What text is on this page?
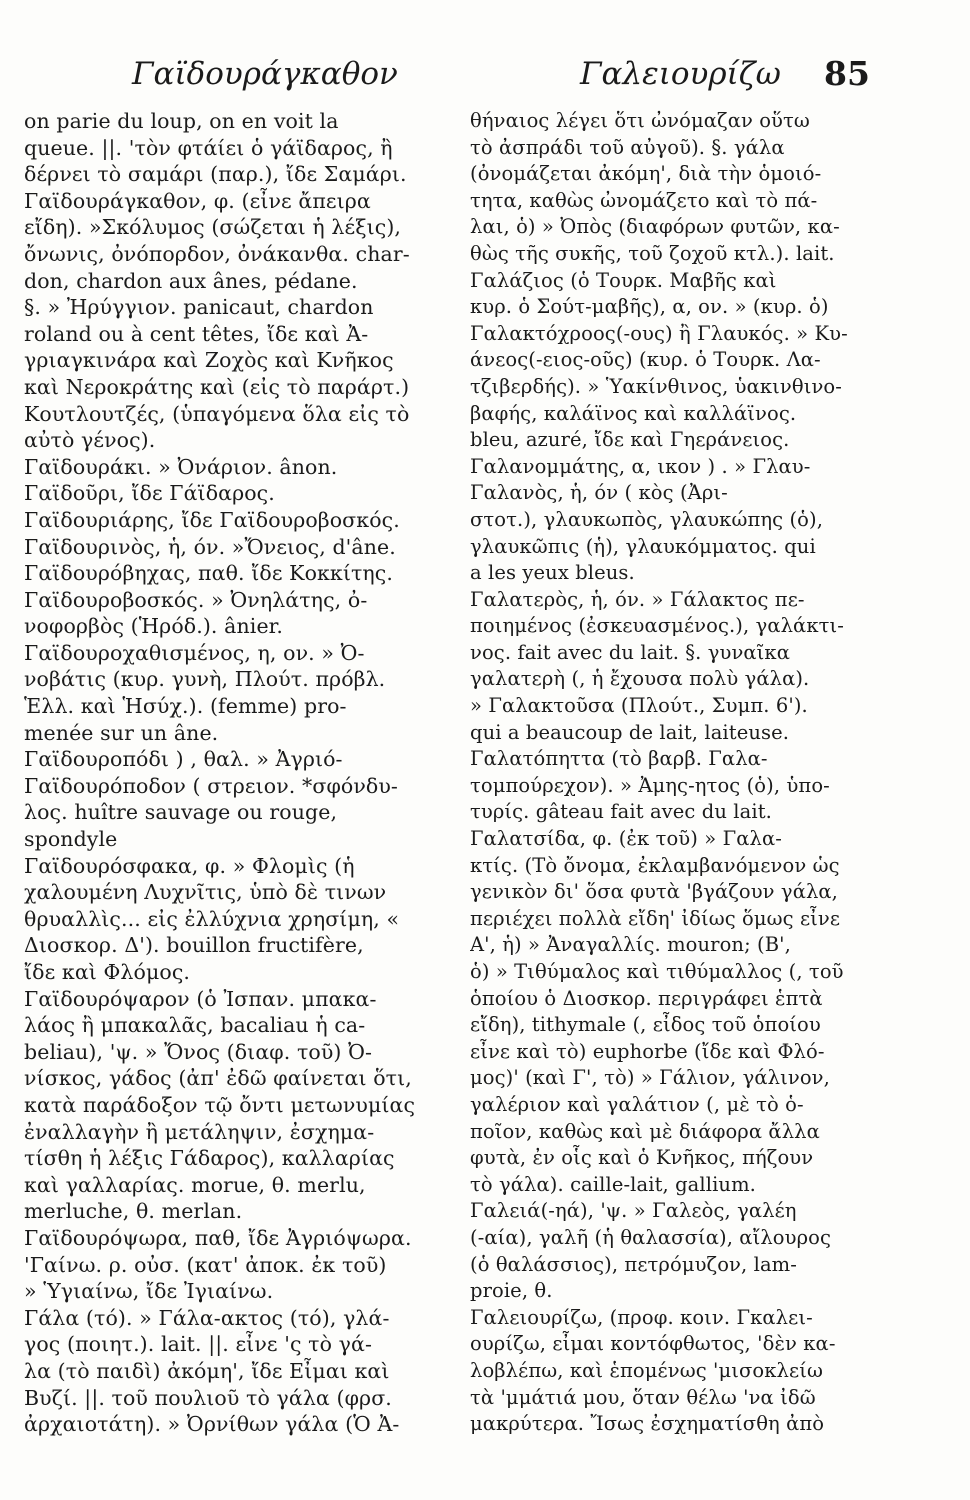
Γαϊδουράγκαθον	Γαλειουρίζω 85
on parie du loup, on en voit la
queue. ||. 'τὸν φτάίει ὁ γάϊδαρος, ἢ
δέρνει τὸ σαμάρι (παρ.), ἴδε Σαμάρι.
Γαϊδουράγκαθον, φ. (εἶνε ἄπειρα
εἴδη). »Σκόλυμος (σώζεται ἡ λέξις),
ὄνωνις, ὀνόπορδον, ὀνάκανθα. char-
don, chardon aux ânes, pédane.
§. » Ἠρύγγιον. panicaut, chardon
roland ou à cent têtes, ἴδε καὶ Ἀ-
γριαγκινάρα καὶ Ζοχὸς καὶ Κνῆκος
καὶ Νεροκράτης καὶ (εἰς τὸ παράρτ.)
Κουτλουτζές, (ὑπαγόμενα ὅλα εἰς τὸ
αὐτὸ γένος).
Γαϊδουράκι. » Ὀνάριον. ânon.
Γαϊδοῦρι, ἴδε Γάϊδαρος.
Γαϊδουριάρης, ἴδε Γαϊδουροβοσκός.
Γαϊδουρινὸς, ἡ, όν. »Ὄνειος, d'âne.
Γαϊδουρόβηχας, παθ. ἴδε Κοκκίτης.
Γαϊδουροβοσκός. » Ὀνηλάτης, ὀ-
νοφορβὸς (Ἡρόδ.). ânier.
Γαϊδουροχαθισμένος, η, ον. » Ὀ-
νοβάτις (κυρ. γυνὴ, Πλούτ. πρόβλ.
Ἑλλ. καὶ Ἡσύχ.). (femme) pro-
menée sur un âne.
Γαϊδουροπόδι ) , θαλ. » Ἀγριό-
Γαϊδουρόποδον ( στρειον. *σφόνδυ-
λος. huître sauvage ou rouge,
spondyle
Γαϊδουρόσφακα, φ. » Φλομὶς (ἡ
χαλουμένη Λυχνῖτις, ὑπὸ δὲ τινων
θρυαλλὶς... εἰς ἐλλύχνια χρησίμη, «
Διοσκορ. Δ'). bouillon fructifère,
ἴδε καὶ Φλόμος.
Γαϊδουρόψαρον (ὁ Ἰσπαν. μπακα-
λάος ἢ μπακαλᾶς, bacaliau ἡ ca-
beliau), 'ψ. » Ὄνος (διαφ. τοῦ) Ὀ-
νίσκος, γάδος (ἀπ' ἐδῶ φαίνεται ὅτι,
κατὰ παράδοξον τῷ ὄντι μετωνυμίας
ἐναλλαγὴν ἢ μετάληψιν, ἐσχημα-
τίσθη ἡ λέξις Γάδαρος), καλλαρίας
καὶ γαλλαρίας. morue, θ. merlu,
merluche, θ. merlan.
Γαϊδουρόψωρα, παθ, ἴδε Ἀγριόψωρα.
'Γαίνω. ρ. οὐσ. (κατ' ἀποκ. ἐκ τοῦ)
» Ὑγιαίνω, ἴδε Ἰγιαίνω.
Γάλα (τό). » Γάλα-ακτος (τό), γλά-
γος (ποιητ.). lait. ||. εἶνε 'ς τὸ γά-
λα (τὸ παιδὶ) ἀκόμη', ἴδε Εἶμαι καὶ
Βυζί. ||. τοῦ πουλιοῦ τὸ γάλα (φρσ.
ἀρχαιοτάτη). » Ὀρνίθων γάλα (Ὁ Ἀ-
θήναιος λέγει ὅτι ὠνόμαζαν οὕτω
τὸ ἀσπράδι τοῦ αὐγοῦ). §. γάλα
(ὀνομάζεται ἀκόμη', διὰ τὴν ὁμοιό-
τητα, καθὼς ὠνομάζετο καὶ τὸ πά-
λαι, ὁ) » Ὀπὸς (διαφόρων φυτῶν, κα-
θὼς τῆς συκῆς, τοῦ ζοχοῦ κτλ.). lait.
Γαλάζιος (ὁ Τουρκ. Μαβῆς καὶ
κυρ. ὁ Σούτ-μαβῆς), α, ον. » (κυρ. ὁ)
Γαλακτόχροος(-ους) ἢ Γλαυκός. » Κυ-
άνεος(-ειος-οῦς) (κυρ. ὁ Τουρκ. Λα-
τζιβερδής). » Ὑακίνθινος, ὑακινθινο-
βαφής, καλάϊνος καὶ καλλάϊνος.
bleu, azuré, ἴδε καὶ Γηεράνειος.
Γαλανομμάτης, α, ικον ) . » Γλαυ-
Γαλανὸς, ἡ, όν ( κὸς (Ἀρι-
στοτ.), γλαυκωπὸς, γλαυκώπης (ὁ),
γλαυκῶπις (ἡ), γλαυκόμματος. qui
a les yeux bleus.
Γαλατερὸς, ἡ, όν. » Γάλακτος πε-
ποιημένος (ἐσκευασμένος.), γαλάκτι-
νος. fait avec du lait. §. γυναῖκα
γαλατερὴ (, ἡ ἔχουσα πολὺ γάλα).
» Γαλακτοῦσα (Πλούτ., Συμπ. 6').
qui a beaucoup de lait, laiteuse.
Γαλατόπηττα (τὸ βαρβ. Γαλα-
τομπούρεχον). » Ἀμης-ητος (ὁ), ὑπο-
τυρίς. gâteau fait avec du lait.
Γαλατσίδα, φ. (ἐκ τοῦ) » Γαλα-
κτίς. (Τὸ ὄνομα, ἐκλαμβανόμενον ὡς
γενικὸν δι' ὅσα φυτὰ 'βγάζουν γάλα,
περιέχει πολλὰ εἴδη' ἰδίως ὅμως εἶνε
Α', ἡ) » Ἀναγαλλίς. mouron; (Β',
ὁ) » Τιθύμαλος καὶ τιθύμαλλος (, τοῦ
ὁποίου ὁ Διοσκορ. περιγράφει ἑπτὰ
εἴδη), tithymale (, εἶδος τοῦ ὁποίου
εἶνε καὶ τὸ) euphorbe (ἴδε καὶ Φλό-
μος)' (καὶ Γ', τὸ) » Γάλιον, γάλινον,
γαλέριον καὶ γαλάτιον (, μὲ τὸ ὁ-
ποῖον, καθὼς καὶ μὲ διάφορα ἄλλα
φυτὰ, ἐν οἷς καὶ ὁ Κνῆκος, πήζουν
τὸ γάλα). caille-lait, gallium.
Γαλειά(-ηά), 'ψ. » Γαλεὸς, γαλέη
(-αία), γαλῆ (ἡ θαλασσία), αἴλουρος
(ὁ θαλάσσιος), πετρόμυζον, lam-
proie, θ.
Γαλειουρίζω, (προφ. κοιν. Γκαλει-
ουρίζω, εἶμαι κοντόφθωτος, 'δὲν κα-
λοβλέπω, καὶ ἑπομένως 'μισοκλείω
τὰ 'μμάτιά μου, ὅταν θέλω 'να ἰδῶ
μακρύτερα. Ἴσως ἐσχηματίσθη ἀπὸ
